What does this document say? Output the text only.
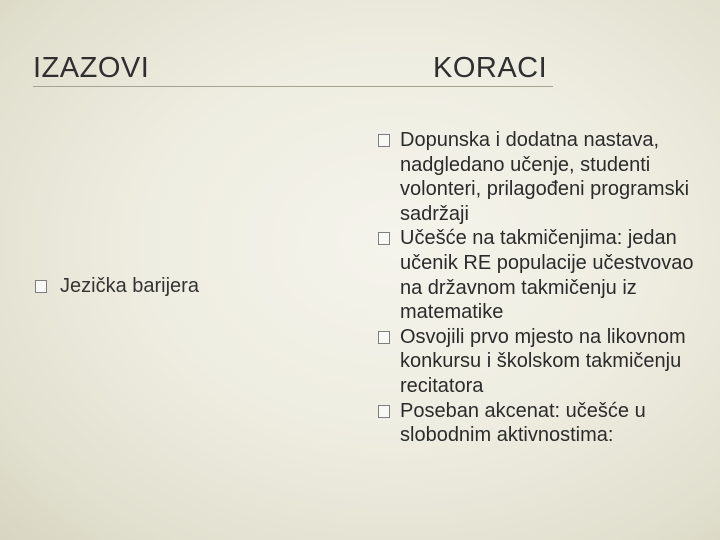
IZAZOVI	KORACI
Jezička barijera
Dopunska i dodatna nastava, nadgledano učenje, studenti volonteri, prilagođeni programski sadržaji
Učešće na takmičenjima: jedan učenik RE populacije učestvovao na državnom takmičenju iz matematike
Osvojili prvo mjesto na likovnom konkursu i školskom takmičenju recitatora
Poseban akcenat: učešće u slobodnim aktivnostima:
